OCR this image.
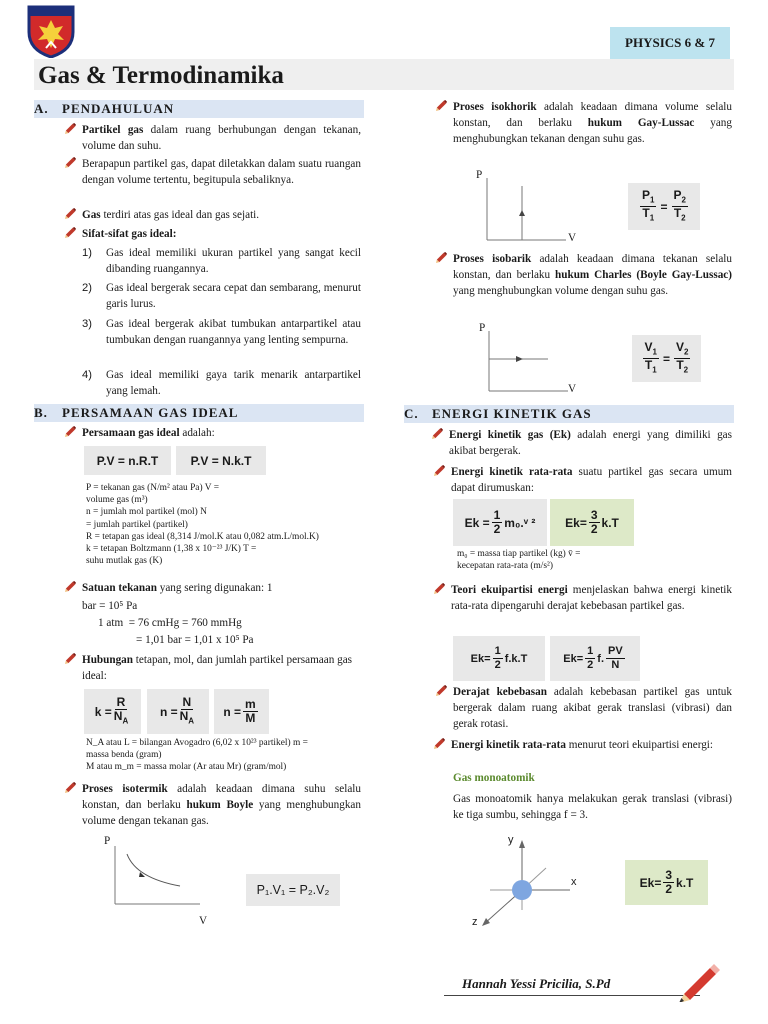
PHYSICS 6 & 7
Gas & Termodinamika
A. PENDAHULUAN
Partikel gas dalam ruang berhubungan dengan tekanan, volume dan suhu.
Berapapun partikel gas, dapat diletakkan dalam suatu ruangan dengan volume tertentu, begitupula sebaliknya.
Gas terdiri atas gas ideal dan gas sejati.
Sifat-sifat gas ideal:
1) Gas ideal memiliki ukuran partikel yang sangat kecil dibanding ruangannya.
2) Gas ideal bergerak secara cepat dan sembarang, menurut garis lurus.
3) Gas ideal bergerak akibat tumbukan antarpartikel atau tumbukan dengan ruangannya yang lenting sempurna.
4) Gas ideal memiliki gaya tarik menarik antarpartikel yang lemah.
B. PERSAMAAN GAS IDEAL
Persamaan gas ideal adalah:
P.V = n.R.T	P.V = N.k.T
P = tekanan gas (N/m² atau Pa) V =
volume gas (m³)
n = jumlah mol partikel (mol) N
= jumlah partikel (partikel)
R = tetapan gas ideal (8,314 J/mol.K atau 0,082 atm.L/mol.K)
k = tetapan Boltzmann (1,38 x 10⁻²³ J/K) T =
suhu mutlak gas (K)
Satuan tekanan yang sering digunakan: 1
bar = 10⁵ Pa
1 atm  = 76 cmHg = 760 mmHg
= 1,01 bar = 1,01 x 10⁵ Pa
Hubungan tetapan, mol, dan jumlah partikel persamaan gas ideal:
$k = \frac{R}{N_A}$	$n = \frac{N}{N_A}$ $n = \frac{m}{M}$
N_A atau L = bilangan Avogadro (6,02 x 10²³ partikel) m =
massa benda (gram)
M atau m_m = massa molar (Ar atau Mr) (gram/mol)
Proses isotermik adalah keadaan dimana suhu selalu konstan, dan berlaku hukum Boyle yang menghubungkan volume dengan tekanan gas.
P
V
P₁.V₁ = P₂.V₂
Proses isokhorik adalah keadaan dimana volume selalu konstan, dan berlaku hukum Gay-Lussac yang menghubungkan tekanan dengan suhu gas.
P
V
$\frac{P_1}{T_1} = \frac{P_2}{T_2}$
Proses isobarik adalah keadaan dimana tekanan selalu konstan, dan berlaku hukum Charles (Boyle Gay-Lussac) yang menghubungkan volume dengan suhu gas.
P
V
$\frac{V_1}{T_1} = \frac{V_2}{T_2}$
C. ENERGI KINETIK GAS
Energi kinetik gas (Ek) adalah energi yang dimiliki gas akibat bergerak.
Energi kinetik rata-rata suatu partikel gas secara umum dapat dirumuskan:
$Ek = \frac{1}{2}$ m₀.ᵛ ² $Ek= \frac{3}{2} k.T$
m₀ = massa tiap partikel (kg) v̄ =
kecepatan rata-rata (m/s²)
Teori ekuipartisi energi menjelaskan bahwa energi kinetik rata-rata dipengaruhi derajat kebebasan partikel gas.
$Ek= \frac{1}{2} f.k.T$	$Ek= \frac{1}{2} f$. $\frac{PV}{N}$
Derajat kebebasan adalah kebebasan partikel gas untuk bergerak dalam ruang akibat gerak translasi (vibrasi) dan gerak rotasi.
Energi kinetik rata-rata menurut teori ekuipartisi energi:
Gas monoatomik
Gas monoatomik hanya melakukan gerak translasi (vibrasi) ke tiga sumbu, sehingga f = 3.
y
x
z
$Ek= \frac{3}{2} k.T$
Hannah Yessi Pricilia, S.Pd
